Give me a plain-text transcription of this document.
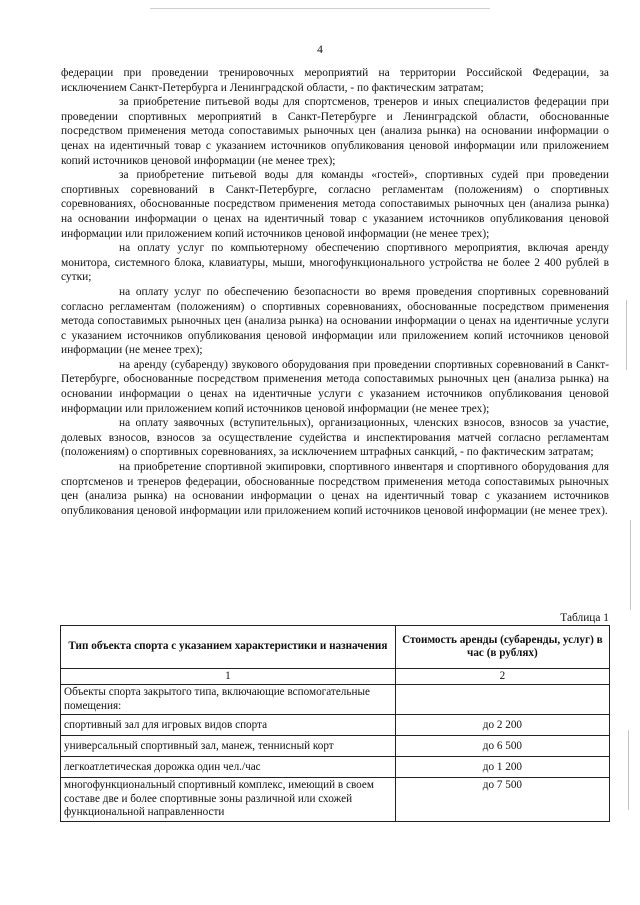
4

федерации при проведении тренировочных мероприятий на территории Российской Федерации, за исключением Санкт-Петербурга и Ленинградской области, - по фактическим затратам;

за приобретение питьевой воды для спортсменов, тренеров и иных специалистов федерации при проведении спортивных мероприятий в Санкт-Петербурге и Ленинградской области, обоснованные посредством применения метода сопоставимых рыночных цен (анализа рынка) на основании информации о ценах на идентичный товар с указанием источников опубликования ценовой информации или приложением копий источников ценовой информации (не менее трех);

за приобретение питьевой воды для команды «гостей», спортивных судей при проведении спортивных соревнований в Санкт-Петербурге, согласно регламентам (положениям) о спортивных соревнованиях, обоснованные посредством применения метода сопоставимых рыночных цен (анализа рынка) на основании информации о ценах на идентичный товар с указанием источников опубликования ценовой информации или приложением копий источников ценовой информации (не менее трех);

на оплату услуг по компьютерному обеспечению спортивного мероприятия, включая аренду монитора, системного блока, клавиатуры, мыши, многофункционального устройства не более 2 400 рублей в сутки;

на оплату услуг по обеспечению безопасности во время проведения спортивных соревнований согласно регламентам (положениям) о спортивных соревнованиях, обоснованные посредством применения метода сопоставимых рыночных цен (анализа рынка) на основании информации о ценах на идентичные услуги с указанием источников опубликования ценовой информации или приложением копий источников ценовой информации (не менее трех);

на аренду (субаренду) звукового оборудования при проведении спортивных соревнований в Санкт-Петербурге, обоснованные посредством применения метода сопоставимых рыночных цен (анализа рынка) на основании информации о ценах на идентичные услуги с указанием источников опубликования ценовой информации или приложением копий источников ценовой информации (не менее трех);

на оплату заявочных (вступительных), организационных, членских взносов, взносов за участие, долевых взносов, взносов за осуществление судейства и инспектирования матчей согласно регламентам (положениям) о спортивных соревнованиях, за исключением штрафных санкций, - по фактическим затратам;

на приобретение спортивной экипировки, спортивного инвентаря и спортивного оборудования для спортсменов и тренеров федерации, обоснованные посредством применения метода сопоставимых рыночных цен (анализа рынка) на основании информации о ценах на идентичный товар с указанием источников опубликования ценовой информации или приложением копий источников ценовой информации (не менее трех).

Таблица 1
Тип объекта спорта с указанием характеристики и назначения	Стоимость аренды (субаренды, услуг) в час (в рублях)
1	2
Объекты спорта закрытого типа, включающие вспомогательные помещения:	
спортивный зал для игровых видов спорта	до 2 200
универсальный спортивный зал, манеж, теннисный корт	до 6 500
легкоатлетическая дорожка один чел./час	до 1 200
многофункциональный спортивный комплекс, имеющий в своем составе две и более спортивные зоны различной или схожей функциональной направленности	до 7 500
